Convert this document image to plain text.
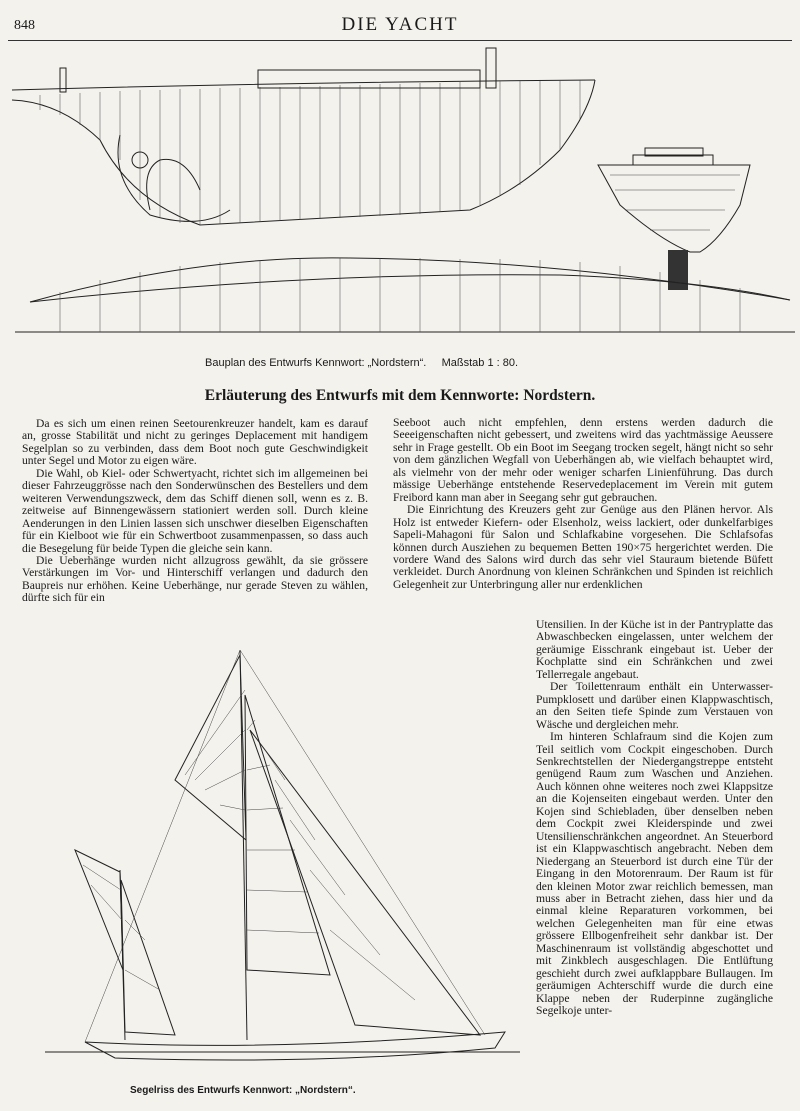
848	DIE YACHT
Bauplan des Entwurfs Kennwort: „Nordstern“.     Maßstab 1 : 80.
Erläuterung des Entwurfs mit dem Kennworte: Nordstern.

Da es sich um einen reinen Seetourenkreuzer handelt, kam es darauf an, grosse Stabilität und nicht zu geringes Deplacement mit handigem Segelplan so zu verbinden, dass dem Boot noch gute Geschwindigkeit unter Segel und Motor zu eigen wäre.

Die Wahl, ob Kiel- oder Schwertyacht, richtet sich im allgemeinen bei dieser Fahrzeuggrösse nach den Sonderwünschen des Bestellers und dem weiteren Verwendungszweck, dem das Schiff dienen soll, wenn es z. B. zeitweise auf Binnengewässern stationiert werden soll. Durch kleine Aenderungen in den Linien lassen sich unschwer dieselben Eigenschaften für ein Kielboot wie für ein Schwertboot zusammenpassen, so dass auch die Besegelung für beide Typen die gleiche sein kann.

Die Ueberhänge wurden nicht allzugross gewählt, da sie grössere Verstärkungen im Vor- und Hinterschiff verlangen und dadurch den Baupreis nur erhöhen. Keine Ueberhänge, nur gerade Steven zu wählen, dürfte sich für ein

Seeboot auch nicht empfehlen, denn erstens werden dadurch die Seeeigenschaften nicht gebessert, und zweitens wird das yachtmässige Aeussere sehr in Frage gestellt. Ob ein Boot im Seegang trocken segelt, hängt nicht so sehr von dem gänzlichen Wegfall von Ueberhängen ab, wie vielfach behauptet wird, als vielmehr von der mehr oder weniger scharfen Linienführung. Das durch mässige Ueberhänge entstehende Reservedeplacement im Verein mit gutem Freibord kann man aber in Seegang sehr gut gebrauchen.

Die Einrichtung des Kreuzers geht zur Genüge aus den Plänen hervor. Als Holz ist entweder Kiefern- oder Elsenholz, weiss lackiert, oder dunkelfarbiges Sapeli-Mahagoni für Salon und Schlafkabine vorgesehen. Die Schlafsofas können durch Ausziehen zu bequemen Betten 190×75 hergerichtet werden. Die vordere Wand des Salons wird durch das sehr viel Stauraum bietende Büfett verkleidet. Durch Anordnung von kleinen Schränkchen und Spinden ist reichlich Gelegenheit zur Unterbringung aller nur erdenklichen

Utensilien. In der Küche ist in der Pantryplatte das Abwaschbecken eingelassen, unter welchem der geräumige Eisschrank eingebaut ist. Ueber der Kochplatte sind ein Schränkchen und zwei Tellerregale angebaut.

Der Toilettenraum enthält ein Unterwasser-Pumpklosett und darüber einen Klappwaschtisch, an den Seiten tiefe Spinde zum Verstauen von Wäsche und dergleichen mehr.

Im hinteren Schlafraum sind die Kojen zum Teil seitlich vom Cockpit eingeschoben. Durch Senkrechtstellen der Niedergangstreppe entsteht genügend Raum zum Waschen und Anziehen. Auch können ohne weiteres noch zwei Klappsitze an die Kojenseiten eingebaut werden. Unter den Kojen sind Schiebladen, über denselben neben dem Cockpit zwei Kleiderspinde und zwei Utensilienschränkchen angeordnet. An Steuerbord ist ein Klappwaschtisch angebracht. Neben dem Niedergang an Steuerbord ist durch eine Tür der Eingang in den Motorenraum. Der Raum ist für den kleinen Motor zwar reichlich bemessen, man muss aber in Betracht ziehen, dass hier und da einmal kleine Reparaturen vorkommen, bei welchen Gelegenheiten man für eine etwas grössere Ellbogenfreiheit sehr dankbar ist. Der Maschinenraum ist vollständig abgeschottet und mit Zinkblech ausgeschlagen. Die Entlüftung geschieht durch zwei aufklappbare Bullaugen. Im geräumigen Achterschiff wurde die durch eine Klappe neben der Ruderpinne zugängliche Segelkoje unter-

Segelriss des Entwurfs Kennwort: „Nordstern“.
